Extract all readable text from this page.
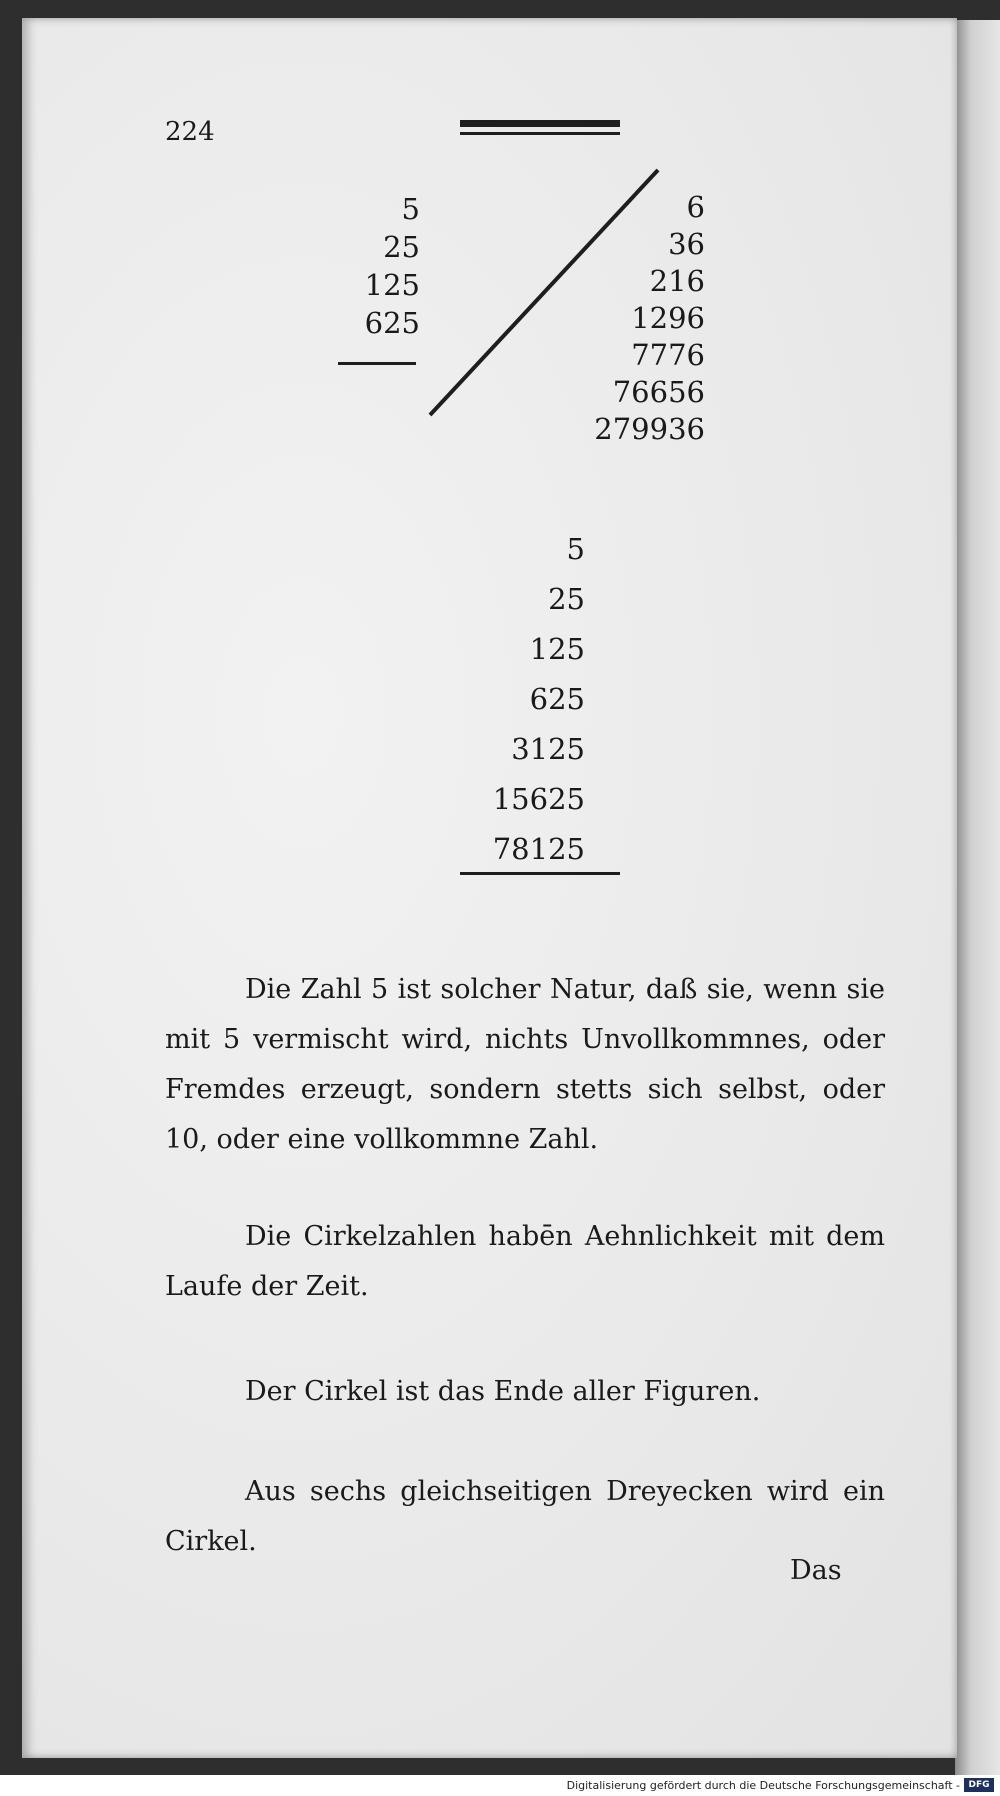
224
5
25
125
625
6
36
216
1296
7776
76656
279936
5
25
125
625
3125
15625
78125

Die Zahl 5 ist solcher Natur, daß sie, wenn sie mit 5 vermischt wird, nichts Unvollkommnes, oder Fremdes erzeugt, sondern stetts sich selbst, oder 10, oder eine vollkommne Zahl.

Die Cirkelzahlen habēn Aehnlichkeit mit dem Laufe der Zeit.

Der Cirkel ist das Ende aller Figuren.

Aus sechs gleichseitigen Dreyecken wird ein Cirkel.

Das
Digitalisierung gefördert durch die Deutsche Forschungsgemeinschaft - DFG
